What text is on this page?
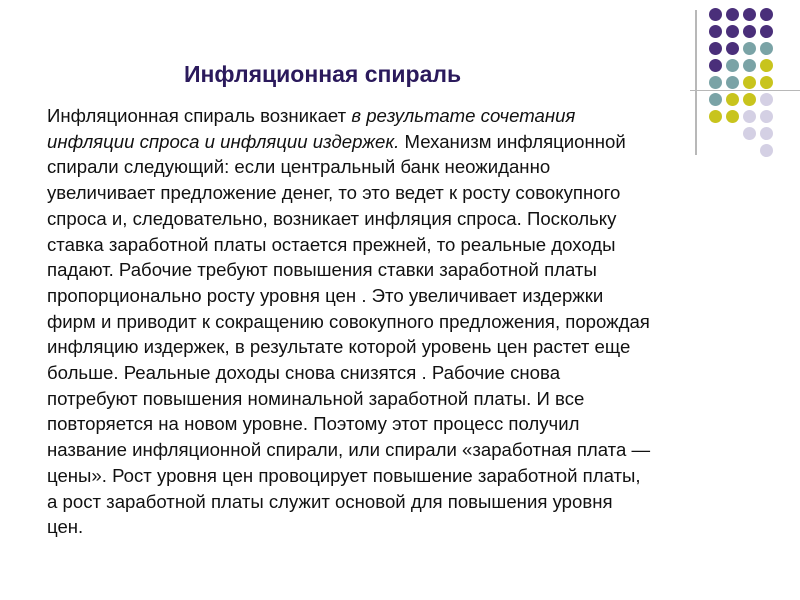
Инфляционная спираль
Инфляционная спираль возникает в результате сочетания
инфляции спроса и инфляции издержек. Механизм инфляционной
спирали следующий: если центральный банк неожиданно
увеличивает предложение денег, то это ведет к росту совокупного
спроса и, следовательно, возникает инфляция спроса. Поскольку
ставка заработной платы остается прежней, то реальные доходы
падают. Рабочие требуют повышения ставки заработной платы
пропорционально росту уровня цен . Это увеличивает издержки
фирм и приводит к сокращению совокупного предложения, порождая
инфляцию издержек, в результате которой уровень цен растет еще
больше. Реальные доходы снова снизятся . Рабочие снова
потребуют повышения номинальной заработной платы. И все
повторяется на новом уровне. Поэтому этот процесс получил
название инфляционной спирали, или спирали «заработная плата —
цены». Рост уровня цен провоцирует повышение заработной платы,
а рост заработной платы служит основой для повышения уровня
цен.
